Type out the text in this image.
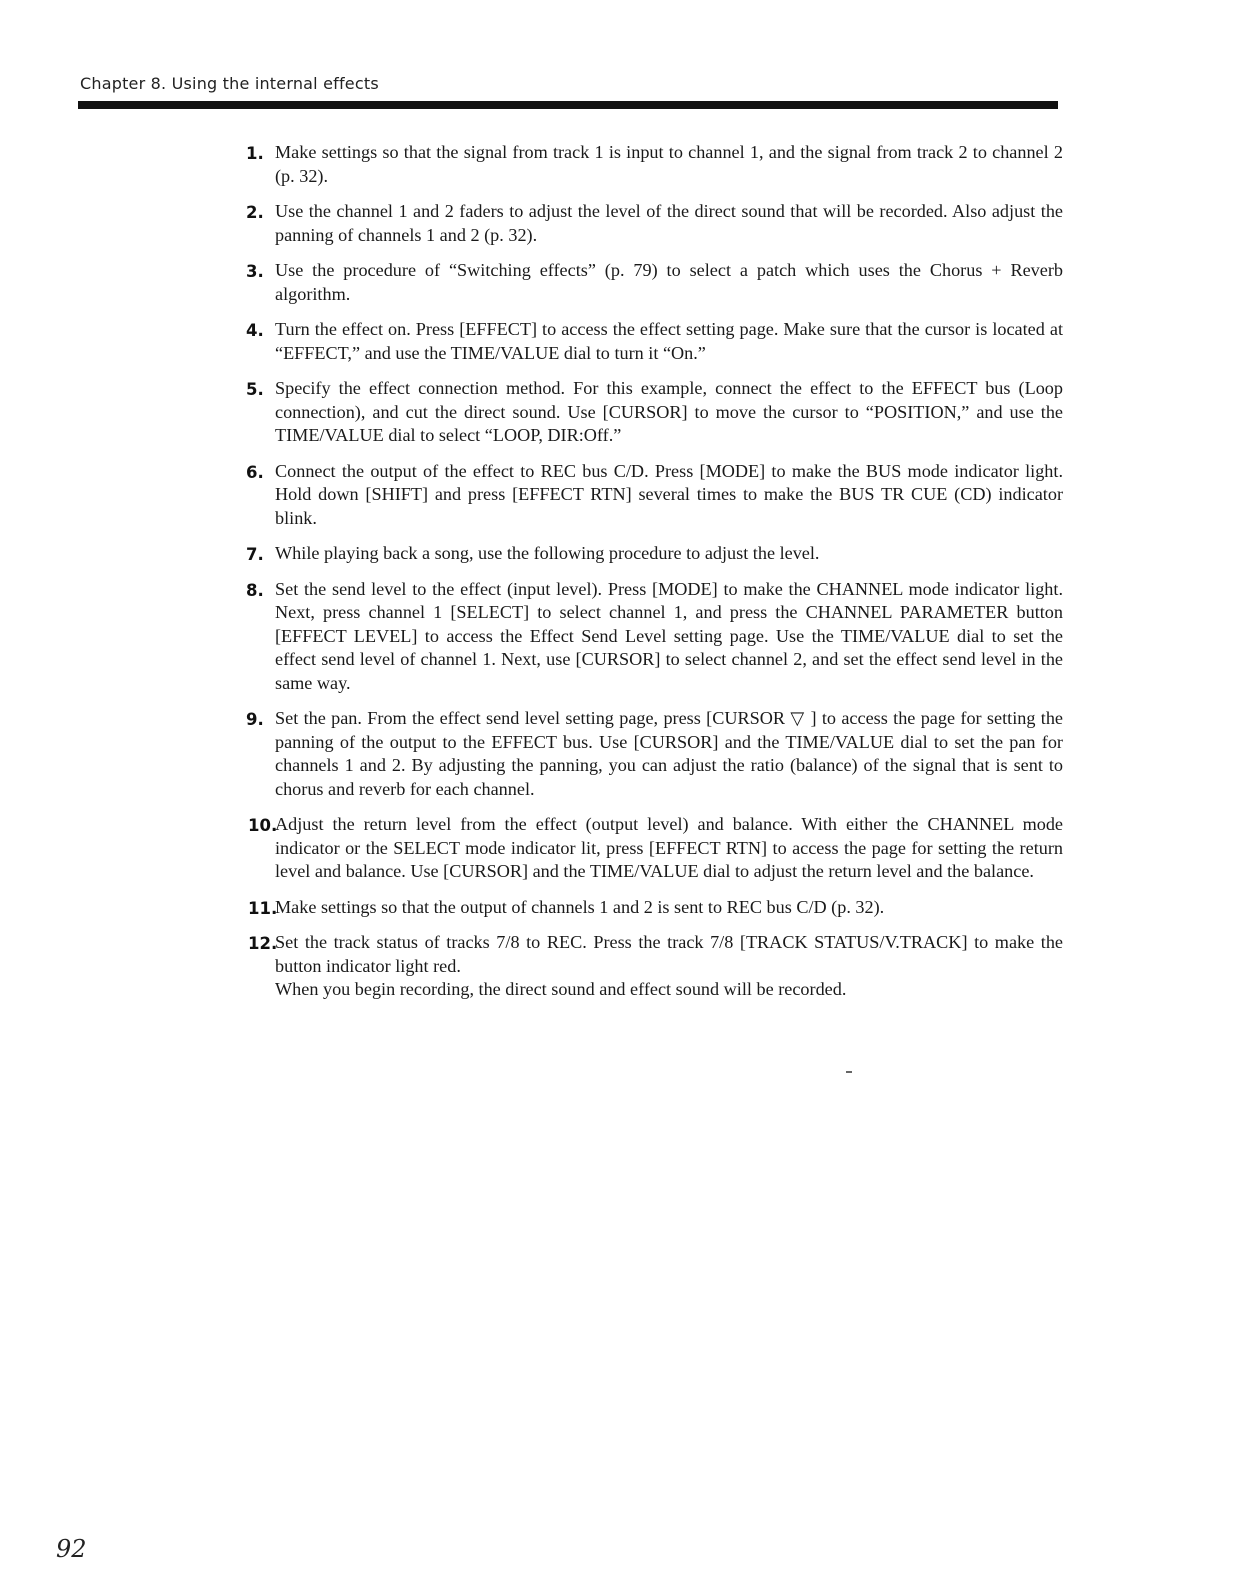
Chapter 8. Using the internal effects
1. Make settings so that the signal from track 1 is input to channel 1, and the signal from track 2 to channel 2 (p. 32).
2. Use the channel 1 and 2 faders to adjust the level of the direct sound that will be recorded. Also adjust the panning of channels 1 and 2 (p. 32).
3. Use the procedure of “Switching effects” (p. 79) to select a patch which uses the Chorus + Reverb algorithm.
4. Turn the effect on. Press [EFFECT] to access the effect setting page. Make sure that the cursor is located at “EFFECT,” and use the TIME/VALUE dial to turn it “On.”
5. Specify the effect connection method. For this example, connect the effect to the EFFECT bus (Loop connection), and cut the direct sound. Use [CURSOR] to move the cursor to “POSITION,” and use the TIME/VALUE dial to select “LOOP, DIR:Off.”
6. Connect the output of the effect to REC bus C/D. Press [MODE] to make the BUS mode indicator light. Hold down [SHIFT] and press [EFFECT RTN] several times to make the BUS TR CUE (CD) indicator blink.
7. While playing back a song, use the following procedure to adjust the level.
8. Set the send level to the effect (input level). Press [MODE] to make the CHANNEL mode indicator light. Next, press channel 1 [SELECT] to select channel 1, and press the CHANNEL PARAMETER button [EFFECT LEVEL] to access the Effect Send Level setting page. Use the TIME/VALUE dial to set the effect send level of channel 1. Next, use [CURSOR] to select channel 2, and set the effect send level in the same way.
9. Set the pan. From the effect send level setting page, press [CURSOR ▽ ] to access the page for setting the panning of the output to the EFFECT bus. Use [CURSOR] and the TIME/VALUE dial to set the pan for channels 1 and 2. By adjusting the panning, you can adjust the ratio (balance) of the signal that is sent to chorus and reverb for each channel.
10.
Adjust the return level from the effect (output level) and balance. With either the CHANNEL mode indicator or the SELECT mode indicator lit, press [EFFECT RTN] to access the page for setting the return level and balance. Use [CURSOR] and the TIME/VALUE dial to adjust the return level and the balance.
11.
Make settings so that the output of channels 1 and 2 is sent to REC bus C/D (p. 32).
12.
Set the track status of tracks 7/8 to REC. Press the track 7/8 [TRACK STATUS/V.TRACK] to make the button indicator light red.
When you begin recording, the direct sound and effect sound will be recorded.
92
